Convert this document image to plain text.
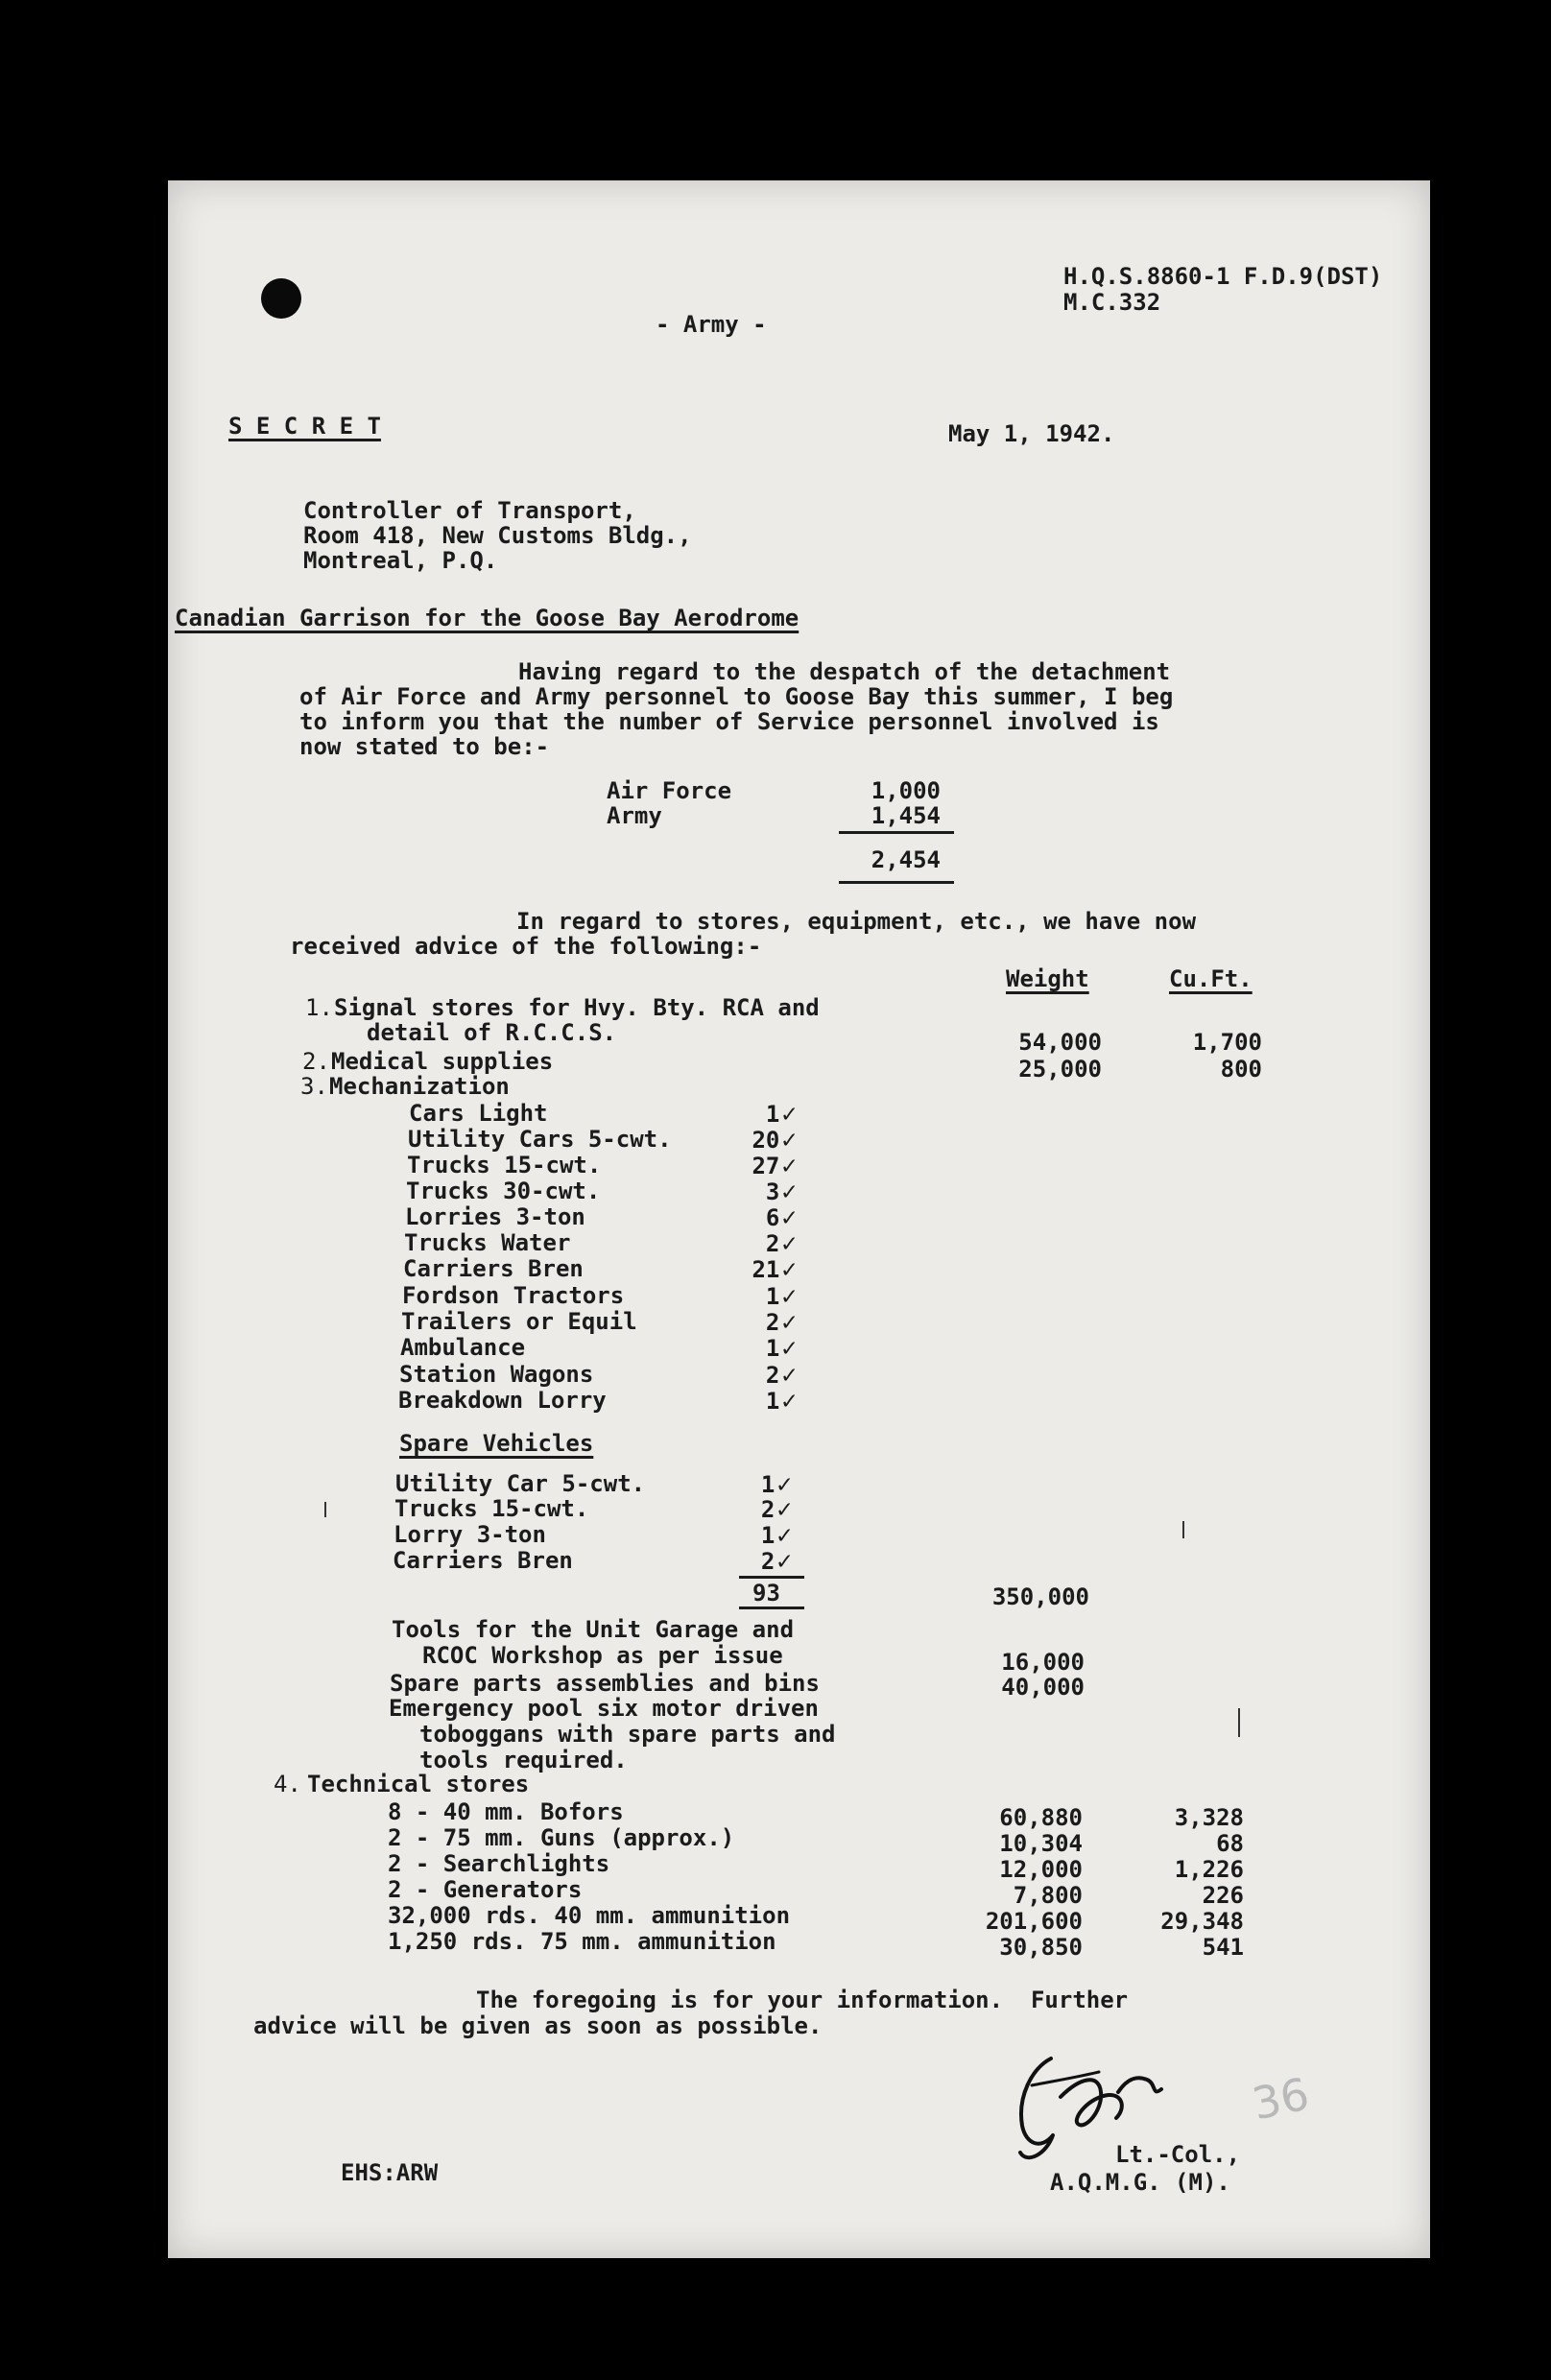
H.Q.S.8860-1 F.D.9(DST)
M.C.332
- Army -
S E C R E T	May 1, 1942.
Controller of Transport,
Room 418, New Customs Bldg.,
Montreal, P.Q.
Canadian Garrison for the Goose Bay Aerodrome
Having regard to the despatch of the detachment
of Air Force and Army personnel to Goose Bay this summer, I beg
to inform you that the number of Service personnel involved is
now stated to be:-
Air Force	1,000
Army	1,454
2,454
In regard to stores, equipment, etc., we have now
received advice of the following:-
Weight	Cu.Ft.
1. Signal stores for Hvy. Bty. RCA and
detail of R.C.C.S.	54,000	1,700
2. Medical supplies	25,000	800
3. Mechanization
Cars Light	1✓
Utility Cars 5-cwt.	20✓
Trucks 15-cwt.	27✓
Trucks 30-cwt.	3✓
Lorries 3-ton	6✓
Trucks Water	2✓
Carriers Bren	21✓
Fordson Tractors	1✓
Trailers or Equil	2✓
Ambulance	1✓
Station Wagons	2✓
Breakdown Lorry	1✓
Spare Vehicles
Utility Car 5-cwt.	1✓
Trucks 15-cwt.	2✓
Lorry 3-ton	1✓
Carriers Bren	2✓
93	350,000
Tools for the Unit Garage and
RCOC Workshop as per issue	16,000
Spare parts assemblies and bins	40,000
Emergency pool six motor driven
toboggans with spare parts and
tools required.
4. Technical stores
8 - 40 mm. Bofors	60,880	3,328
2 - 75 mm. Guns (approx.)	10,304	68
2 - Searchlights	12,000	1,226
2 - Generators	7,800	226
32,000 rds. 40 mm. ammunition	201,600	29,348
1,250 rds. 75 mm. ammunition	30,850	541
The foregoing is for your information.  Further
advice will be given as soon as possible.
36
Lt.-Col.,
A.Q.M.G. (M).
EHS:ARW
